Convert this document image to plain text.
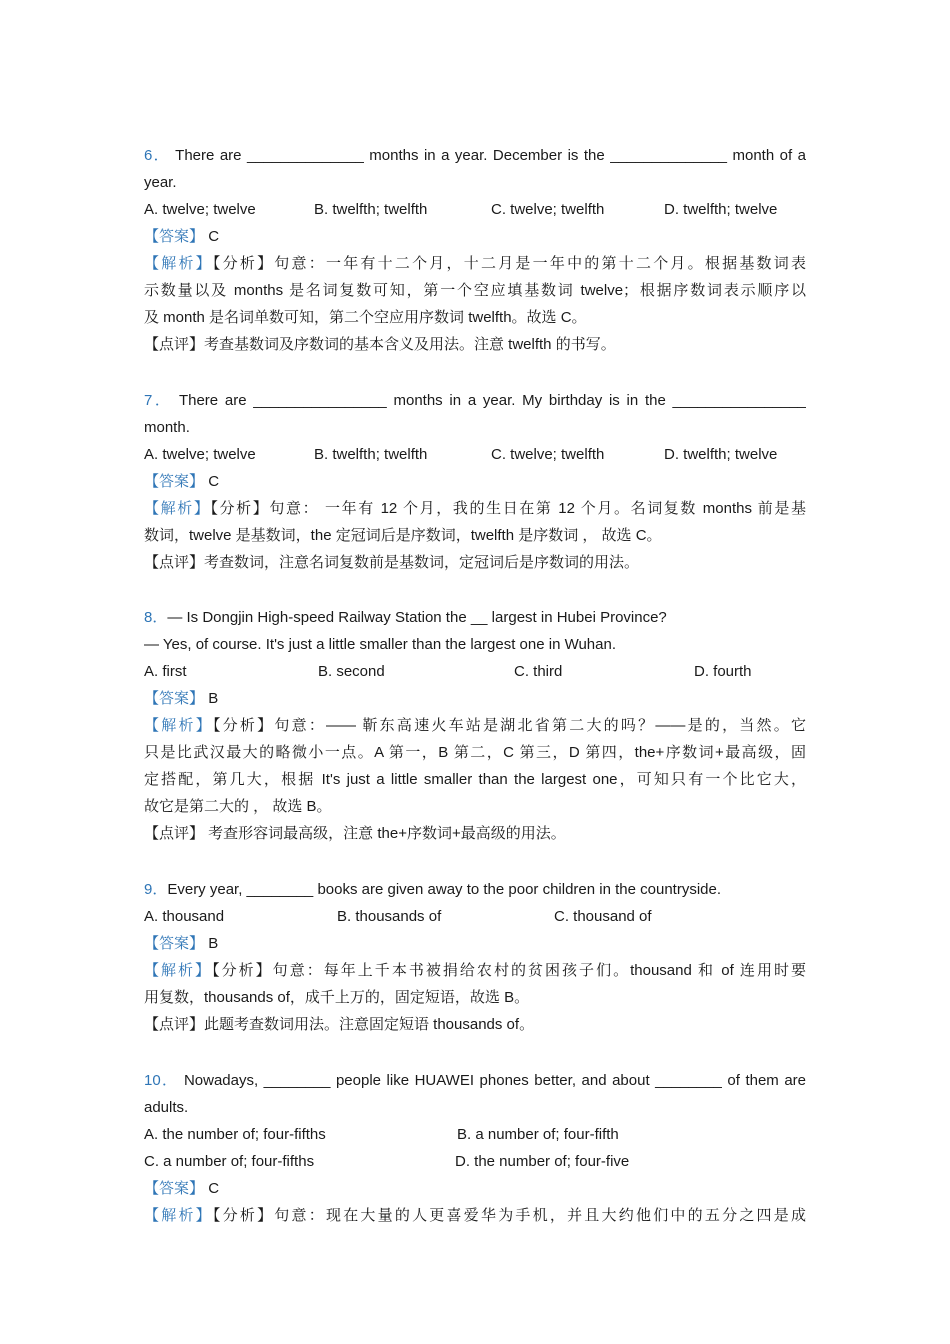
6． There are ______________ months in a year. December is the ______________ month of a
year.
A. twelve; twelve	B. twelfth; twelfth	C. twelve; twelfth	D. twelfth; twelve
【答案】 C
【解析】【分析】句意：一年有十二个月，十二月是一年中的第十二个月。根据基数词表
示数量以及 months 是名词复数可知，第一个空应填基数词 twelve；根据序数词表示顺序以
及 month 是名词单数可知，第二个空应用序数词 twelfth。故选 C。
【点评】考查基数词及序数词的基本含义及用法。注意 twelfth 的书写。
7． There are ________________ months in a year. My birthday is in the ________________
month.
A. twelve; twelve	B. twelfth; twelfth	C. twelve; twelfth	D. twelfth; twelve
【答案】 C
【解析】【分析】句意： 一年有 12 个月，我的生日在第 12 个月。名词复数 months 前是基
数词，twelve 是基数词，the 定冠词后是序数词，twelfth 是序数词 ， 故选 C。
【点评】考查数词，注意名词复数前是基数词，定冠词后是序数词的用法。
8．— Is Dongjin High-speed Railway Station the __ largest in Hubei Province?
— Yes, of course. It's just a little smaller than the largest one in Wuhan.
A. first	B. second	C. third	D. fourth
【答案】 B
【解析】【分析】句意：—— 靳东高速火车站是湖北省第二大的吗？——是的，当然。它
只是比武汉最大的略微小一点。A 第一，B 第二，C 第三，D 第四，the+序数词+最高级，固
定搭配，第几大，根据 It's just a little smaller than the largest one，可知只有一个比它大，
故它是第二大的 ， 故选 B。
【点评】 考查形容词最高级，注意 the+序数词+最高级的用法。
9．Every year, ________ books are given away to the poor children in the countryside.
A. thousand	B. thousands of	C. thousand of
【答案】 B
【解析】【分析】句意：每年上千本书被捐给农村的贫困孩子们。thousand 和 of 连用时要
用复数，thousands of，成千上万的，固定短语，故选 B。
【点评】此题考查数词用法。注意固定短语 thousands of。
10． Nowadays, ________ people like HUAWEI phones better, and about ________ of them are
adults.
A. the number of; four-fifths	B. a number of; four-fifth
C. a number of; four-fifths	D. the number of; four-five
【答案】 C
【解析】【分析】句意：现在大量的人更喜爱华为手机，并且大约他们中的五分之四是成
